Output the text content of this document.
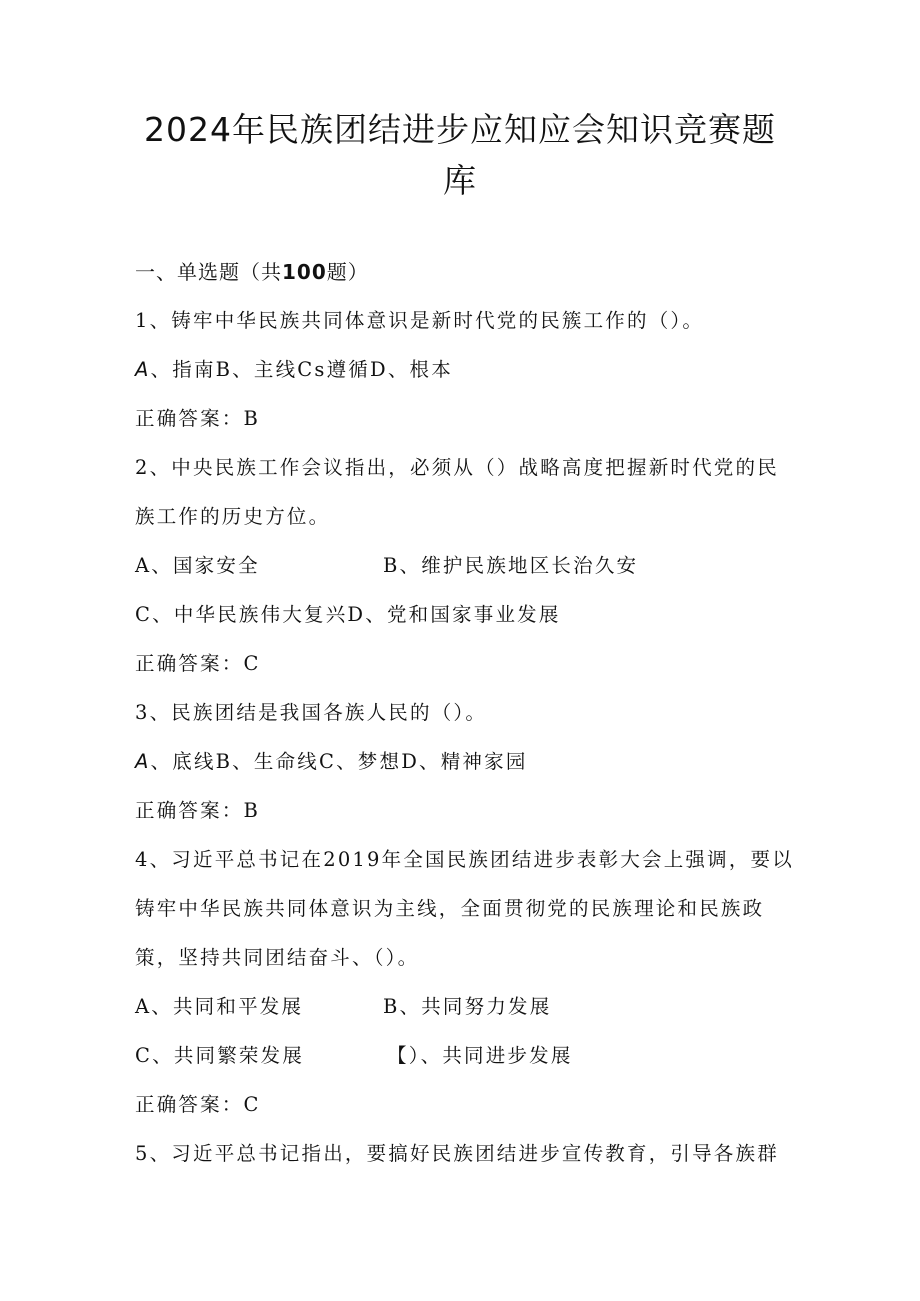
2024年民族团结进步应知应会知识竞赛题
库
一、单选题（共100题）
1、铸牢中华民族共同体意识是新时代党的民簇工作的（）。
A、指南B、主线Cs遵循D、根本
正确答案：B
2、中央民族工作会议指出，必须从（）战略高度把握新时代党的民
族工作的历史方位。
A、国家安全	B、维护民族地区长治久安
C、中华民族伟大复兴D、党和国家事业发展
正确答案：C
3、民族团结是我国各族人民的（）。
A、底线B、生命线C、梦想D、精神家园
正确答案：B
4、习近平总书记在2019年全国民族团结进步表彰大会上强调，要以
铸牢中华民族共同体意识为主线，全面贯彻党的民族理论和民族政
策，坚持共同团结奋斗、（）。
A、共同和平发展	B、共同努力发展
C、共同繁荣发展	【）、共同进步发展
正确答案：C
5、习近平总书记指出，要搞好民族团结进步宣传教育，引导各族群
